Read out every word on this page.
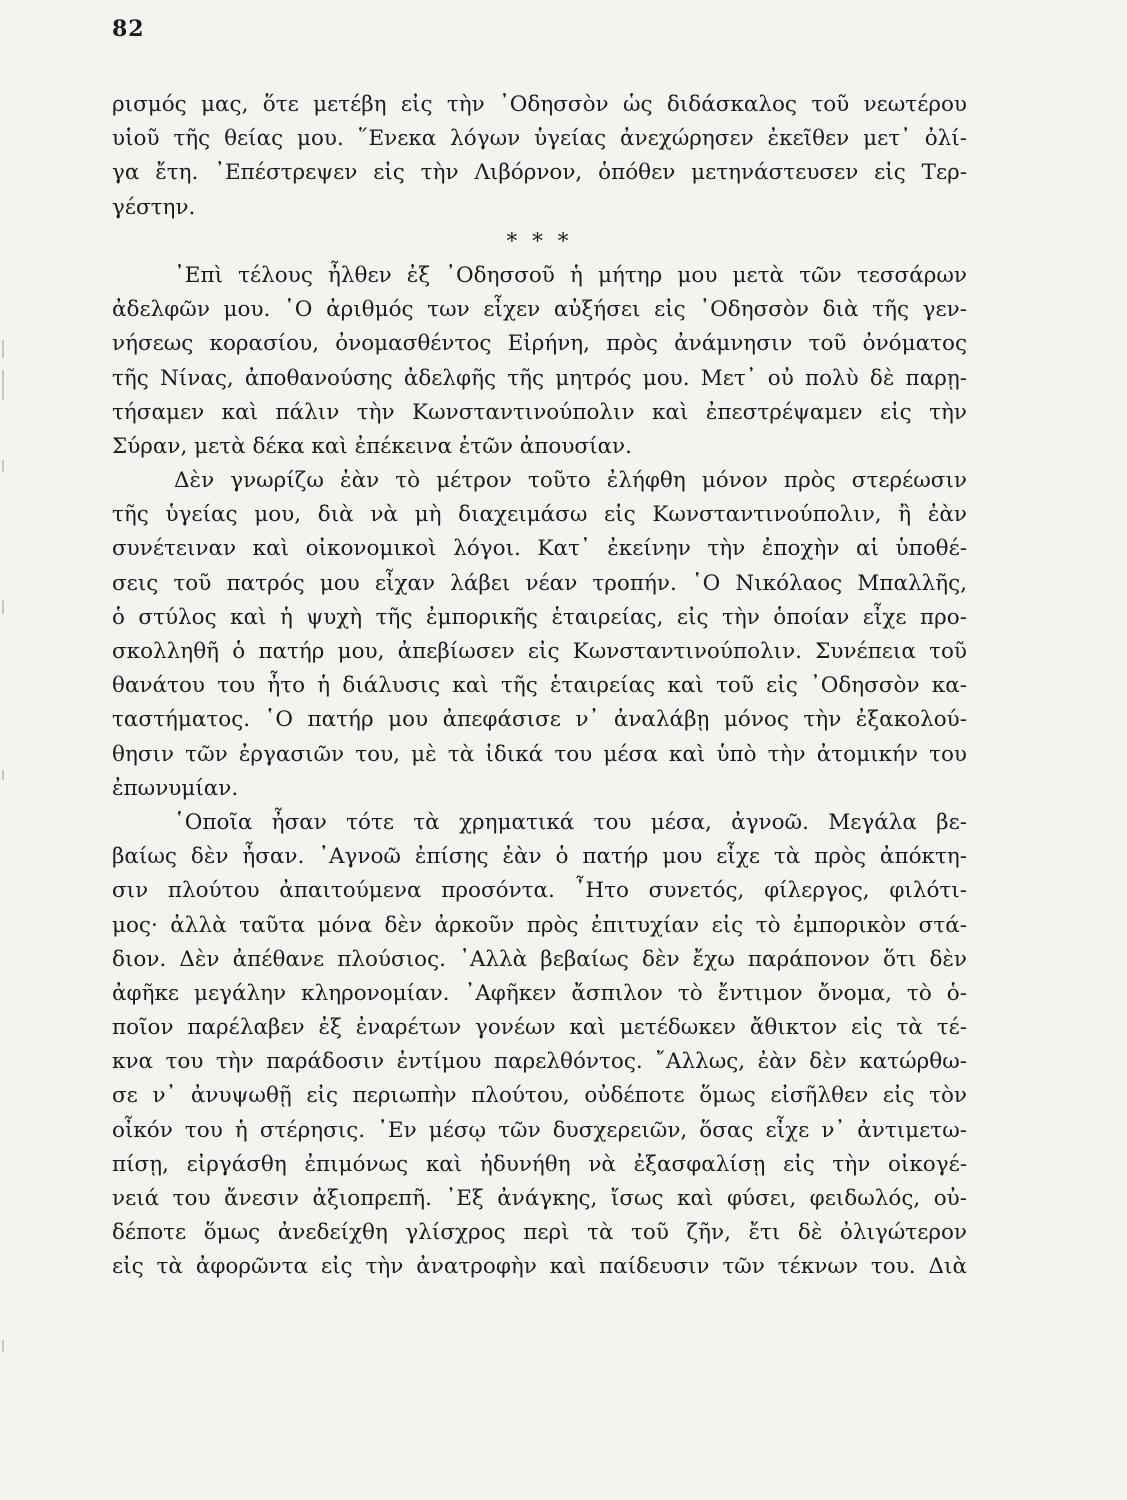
82
ρισμός μας, ὅτε μετέβη εἰς τὴν ᾿Οδησσὸν ὡς διδάσκαλος τοῦ νεωτέρου
υἱοῦ τῆς θείας μου. ῞Ενεκα λόγων ὑγείας ἀνεχώρησεν ἐκεῖθεν μετ᾿ ὀλί-
γα ἔτη. ᾿Επέστρεψεν εἰς τὴν Λιβόρνον, ὁπόθεν μετηνάστευσεν εἰς Τερ-
γέστην.
* * *
᾿Επὶ τέλους ἦλθεν ἐξ ᾿Οδησσοῦ ἡ μήτηρ μου μετὰ τῶν τεσσάρων
ἀδελφῶν μου. ῾Ο ἀριθμός των εἶχεν αὐξήσει εἰς ᾿Οδησσὸν διὰ τῆς γεν-
νήσεως κορασίου, ὀνομασθέντος Εἰρήνη, πρὸς ἀνάμνησιν τοῦ ὀνόματος
τῆς Νίνας, ἀποθανούσης ἀδελφῆς τῆς μητρός μου. Μετ᾿ οὐ πολὺ δὲ παρῃ-
τήσαμεν καὶ πάλιν τὴν Κωνσταντινούπολιν καὶ ἐπεστρέψαμεν εἰς τὴν
Σύραν, μετὰ δέκα καὶ ἐπέκεινα ἐτῶν ἀπουσίαν.
Δὲν γνωρίζω ἐὰν τὸ μέτρον τοῦτο ἐλήφθη μόνον πρὸς στερέωσιν
τῆς ὑγείας μου, διὰ νὰ μὴ διαχειμάσω εἰς Κωνσταντινούπολιν, ἢ ἐὰν
συνέτειναν καὶ οἰκονομικοὶ λόγοι. Κατ᾿ ἐκείνην τὴν ἐποχὴν αἱ ὑποθέ-
σεις τοῦ πατρός μου εἶχαν λάβει νέαν τροπήν. ῾Ο Νικόλαος Μπαλλῆς,
ὁ στύλος καὶ ἡ ψυχὴ τῆς ἐμπορικῆς ἑταιρείας, εἰς τὴν ὁποίαν εἶχε προ-
σκολληθῆ ὁ πατήρ μου, ἀπεβίωσεν εἰς Κωνσταντινούπολιν. Συνέπεια τοῦ
θανάτου του ἦτο ἡ διάλυσις καὶ τῆς ἑταιρείας καὶ τοῦ εἰς ᾿Οδησσὸν κα-
ταστήματος. ῾Ο πατήρ μου ἀπεφάσισε ν᾿ ἀναλάβῃ μόνος τὴν ἐξακολού-
θησιν τῶν ἐργασιῶν του, μὲ τὰ ἰδικά του μέσα καὶ ὑπὸ τὴν ἀτομικήν του
ἐπωνυμίαν.
῾Οποῖα ἦσαν τότε τὰ χρηματικά του μέσα, ἀγνοῶ. Μεγάλα βε-
βαίως δὲν ἦσαν. ᾿Αγνοῶ ἐπίσης ἐὰν ὁ πατήρ μου εἶχε τὰ πρὸς ἀπόκτη-
σιν πλούτου ἀπαιτούμενα προσόντα. ῏Ητο συνετός, φίλεργος, φιλότι-
μος· ἀλλὰ ταῦτα μόνα δὲν ἀρκοῦν πρὸς ἐπιτυχίαν εἰς τὸ ἐμπορικὸν στά-
διον. Δὲν ἀπέθανε πλούσιος. ᾿Αλλὰ βεβαίως δὲν ἔχω παράπονον ὅτι δὲν
ἀφῆκε μεγάλην κληρονομίαν. ᾿Αφῆκεν ἄσπιλον τὸ ἔντιμον ὄνομα, τὸ ὁ-
ποῖον παρέλαβεν ἐξ ἐναρέτων γονέων καὶ μετέδωκεν ἄθικτον εἰς τὰ τέ-
κνα του τὴν παράδοσιν ἐντίμου παρελθόντος. ῎Αλλως, ἐὰν δὲν κατώρθω-
σε ν᾿ ἀνυψωθῇ εἰς περιωπὴν πλούτου, οὐδέποτε ὅμως εἰσῆλθεν εἰς τὸν
οἶκόν του ἡ στέρησις. ᾿Εν μέσῳ τῶν δυσχερειῶν, ὅσας εἶχε ν᾿ ἀντιμετω-
πίσῃ, εἰργάσθη ἐπιμόνως καὶ ἠδυνήθη νὰ ἐξασφαλίσῃ εἰς τὴν οἰκογέ-
νειά του ἄνεσιν ἀξιοπρεπῆ. ᾿Εξ ἀνάγκης, ἴσως καὶ φύσει, φειδωλός, οὐ-
δέποτε ὅμως ἀνεδείχθη γλίσχρος περὶ τὰ τοῦ ζῆν, ἔτι δὲ ὀλιγώτερον
εἰς τὰ ἀφορῶντα εἰς τὴν ἀνατροφὴν καὶ παίδευσιν τῶν τέκνων του. Διὰ
